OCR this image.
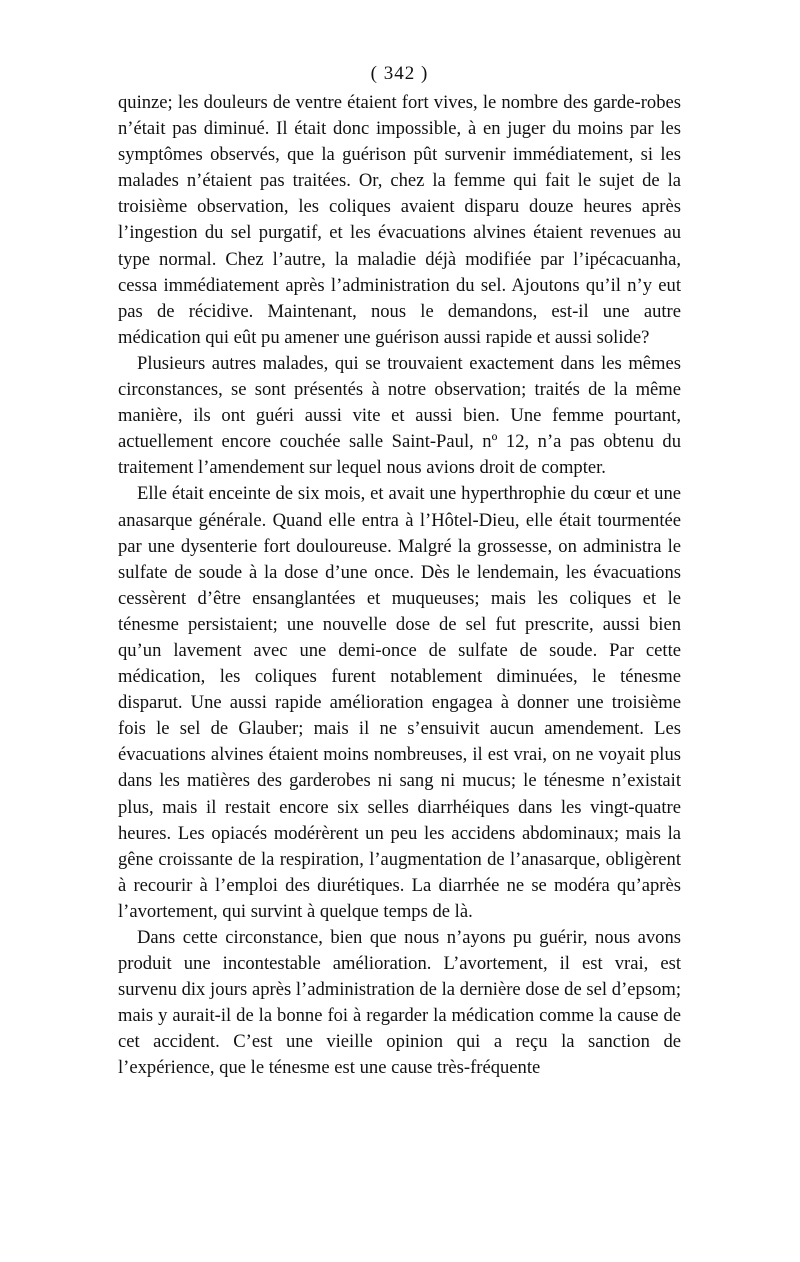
( 342 )

quinze; les douleurs de ventre étaient fort vives, le nombre des garde-robes n’était pas diminué. Il était donc impossible, à en juger du moins par les symptômes observés, que la guérison pût survenir immédiatement, si les malades n’étaient pas traitées. Or, chez la femme qui fait le sujet de la troisième observation, les coliques avaient disparu douze heures après l’ingestion du sel purgatif, et les évacuations alvines étaient revenues au type normal. Chez l’autre, la maladie déjà modifiée par l’ipécacuanha, cessa immédiatement après l’administration du sel. Ajoutons qu’il n’y eut pas de récidive. Maintenant, nous le demandons, est-il une autre médication qui eût pu amener une guérison aussi rapide et aussi solide?

Plusieurs autres malades, qui se trouvaient exactement dans les mêmes circonstances, se sont présentés à notre observation; traités de la même manière, ils ont guéri aussi vite et aussi bien. Une femme pourtant, actuellement encore couchée salle Saint-Paul, nº 12, n’a pas obtenu du traitement l’amendement sur lequel nous avions droit de compter.

Elle était enceinte de six mois, et avait une hyperthrophie du cœur et une anasarque générale. Quand elle entra à l’Hôtel-Dieu, elle était tourmentée par une dysenterie fort douloureuse. Malgré la grossesse, on administra le sulfate de soude à la dose d’une once. Dès le lendemain, les évacuations cessèrent d’être ensanglantées et muqueuses; mais les coliques et le ténesme persistaient; une nouvelle dose de sel fut prescrite, aussi bien qu’un lavement avec une demi-once de sulfate de soude. Par cette médication, les coliques furent notablement diminuées, le ténesme disparut. Une aussi rapide amélioration engagea à donner une troisième fois le sel de Glauber; mais il ne s’ensuivit aucun amendement. Les évacuations alvines étaient moins nombreuses, il est vrai, on ne voyait plus dans les matières des garderobes ni sang ni mucus; le ténesme n’existait plus, mais il restait encore six selles diarrhéiques dans les vingt-quatre heures. Les opiacés modérèrent un peu les accidens abdominaux; mais la gêne croissante de la respiration, l’augmentation de l’anasarque, obligèrent à recourir à l’emploi des diurétiques. La diarrhée ne se modéra qu’après l’avortement, qui survint à quelque temps de là.

Dans cette circonstance, bien que nous n’ayons pu guérir, nous avons produit une incontestable amélioration. L’avortement, il est vrai, est survenu dix jours après l’administration de la dernière dose de sel d’epsom; mais y aurait-il de la bonne foi à regarder la médication comme la cause de cet accident. C’est une vieille opinion qui a reçu la sanction de l’expérience, que le ténesme est une cause très-fréquente
